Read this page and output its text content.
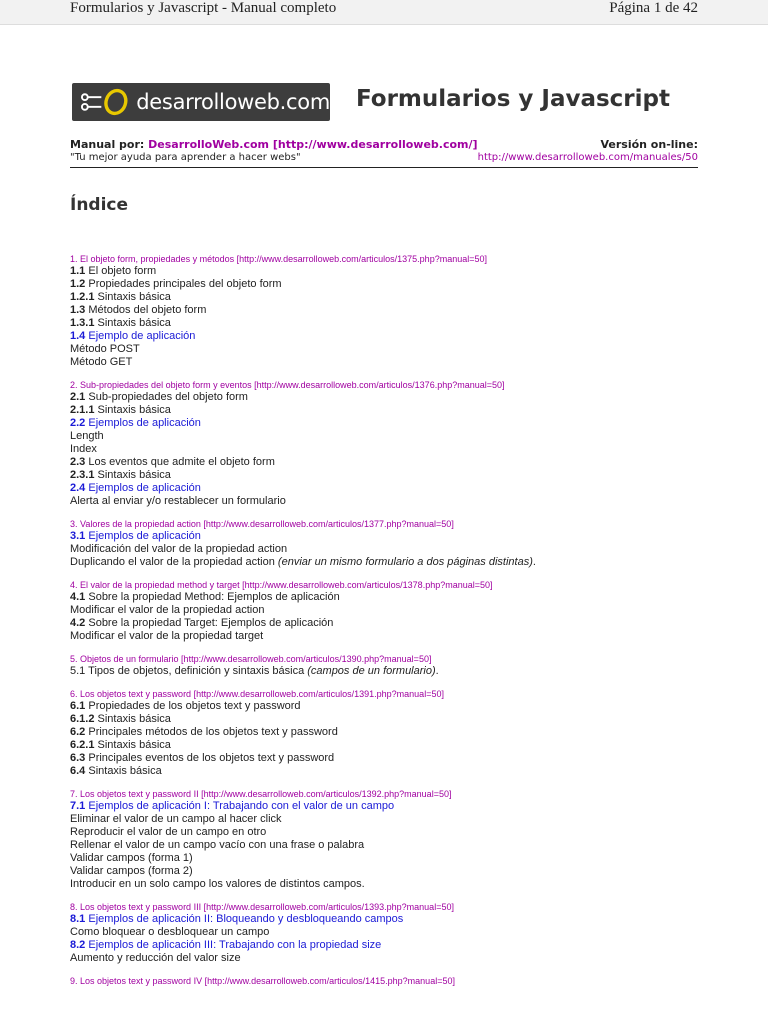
Formularios y Javascript - Manual completo	Página 1 de 42
desarrolloweb.com Formularios y Javascript
Manual por: DesarrolloWeb.com [http://www.desarrolloweb.com/]
"Tu mejor ayuda para aprender a hacer webs"
Versión on-line:
http://www.desarrolloweb.com/manuales/50
Índice
1. El objeto form, propiedades y métodos [http://www.desarrolloweb.com/articulos/1375.php?manual=50]
1.1 El objeto form
1.2 Propiedades principales del objeto form
1.2.1 Sintaxis básica
1.3 Métodos del objeto form
1.3.1 Sintaxis básica
1.4 Ejemplo de aplicación
Método POST
Método GET
2. Sub-propiedades del objeto form y eventos [http://www.desarrolloweb.com/articulos/1376.php?manual=50]
2.1 Sub-propiedades del objeto form
2.1.1 Sintaxis básica
2.2 Ejemplos de aplicación
Length
Index
2.3 Los eventos que admite el objeto form
2.3.1 Sintaxis básica
2.4 Ejemplos de aplicación
Alerta al enviar y/o restablecer un formulario
3. Valores de la propiedad action [http://www.desarrolloweb.com/articulos/1377.php?manual=50]
3.1 Ejemplos de aplicación
Modificación del valor de la propiedad action
Duplicando el valor de la propiedad action (enviar un mismo formulario a dos páginas distintas).
4. El valor de la propiedad method y target [http://www.desarrolloweb.com/articulos/1378.php?manual=50]
4.1 Sobre la propiedad Method: Ejemplos de aplicación
Modificar el valor de la propiedad action
4.2 Sobre la propiedad Target: Ejemplos de aplicación
Modificar el valor de la propiedad target
5. Objetos de un formulario [http://www.desarrolloweb.com/articulos/1390.php?manual=50]
5.1 Tipos de objetos, definición y sintaxis básica (campos de un formulario).
6. Los objetos text y password [http://www.desarrolloweb.com/articulos/1391.php?manual=50]
6.1 Propiedades de los objetos text y password
6.1.2 Sintaxis básica
6.2 Principales métodos de los objetos text y password
6.2.1 Sintaxis básica
6.3 Principales eventos de los objetos text y password
6.4 Sintaxis básica
7. Los objetos text y password II [http://www.desarrolloweb.com/articulos/1392.php?manual=50]
7.1 Ejemplos de aplicación I: Trabajando con el valor de un campo
Eliminar el valor de un campo al hacer click
Reproducir el valor de un campo en otro
Rellenar el valor de un campo vacío con una frase o palabra
Validar campos (forma 1)
Validar campos (forma 2)
Introducir en un solo campo los valores de distintos campos.
8. Los objetos text y password III [http://www.desarrolloweb.com/articulos/1393.php?manual=50]
8.1 Ejemplos de aplicación II: Bloqueando y desbloqueando campos
Como bloquear o desbloquear un campo
8.2 Ejemplos de aplicación III: Trabajando con la propiedad size
Aumento y reducción del valor size
9. Los objetos text y password IV [http://www.desarrolloweb.com/articulos/1415.php?manual=50]
